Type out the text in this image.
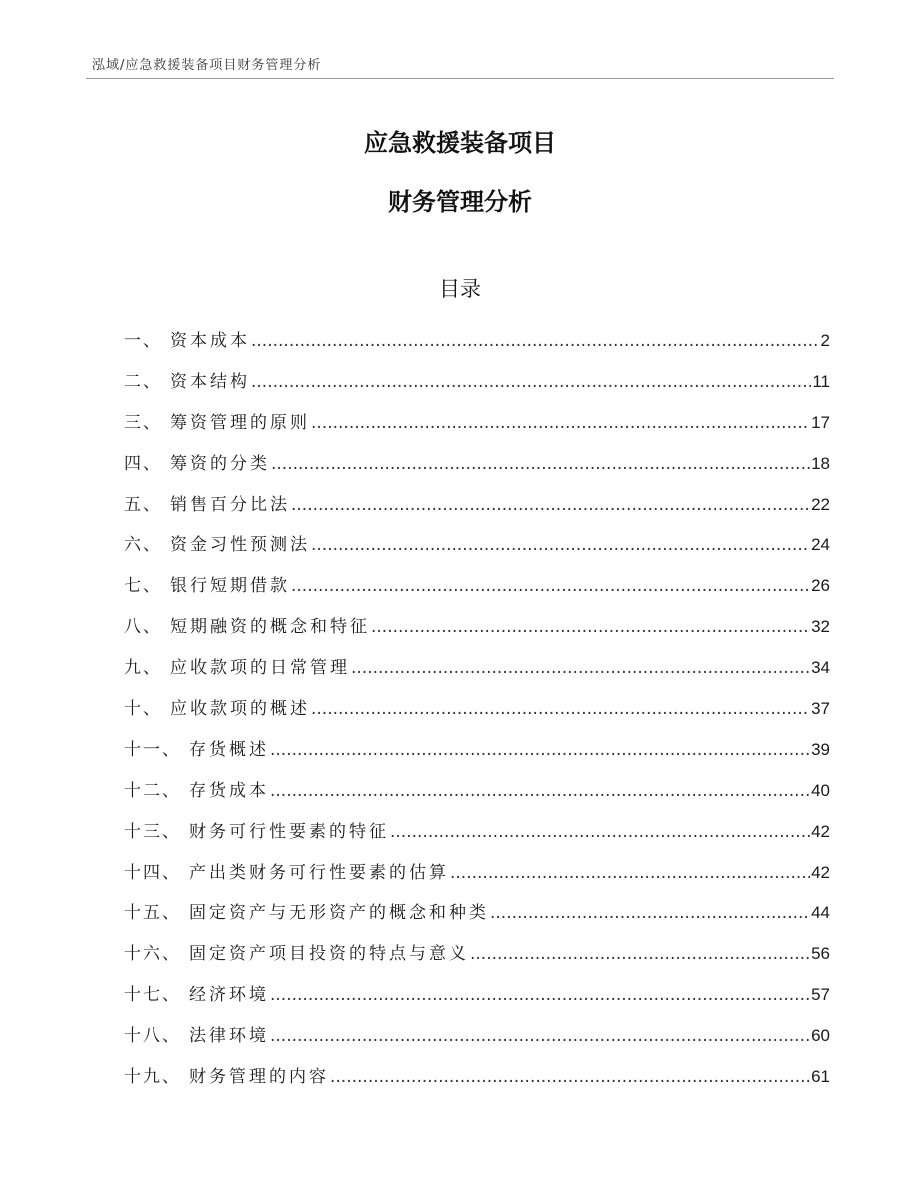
泓域/应急救援装备项目财务管理分析
应急救援装备项目
财务管理分析
目录
一 、 资本成本 .....	2
二 、 资本结构 .....	11
三 、 筹资管理的原则 .....	17
四 、 筹资的分类 .....	18
五 、 销售百分比法 .....	22
六 、 资金习性预测法 .....	24
七 、 银行短期借款 .....	26
八 、 短期融资的概念和特征 .....	32
九 、 应收款项的日常管理 .....	34
十 、 应收款项的概述 .....	37
十一 、 存货概述 .....	39
十二 、 存货成本 .....	40
十三 、 财务可行性要素的特征 .....	42
十四 、 产出类财务可行性要素的估算 .....	42
十五 、 固定资产与无形资产的概念和种类 .....	44
十六 、 固定资产项目投资的特点与意义 .....	56
十七 、 经济环境 .....	57
十八 、 法律环境 .....	60
十九 、 财务管理的内容 .....	61
